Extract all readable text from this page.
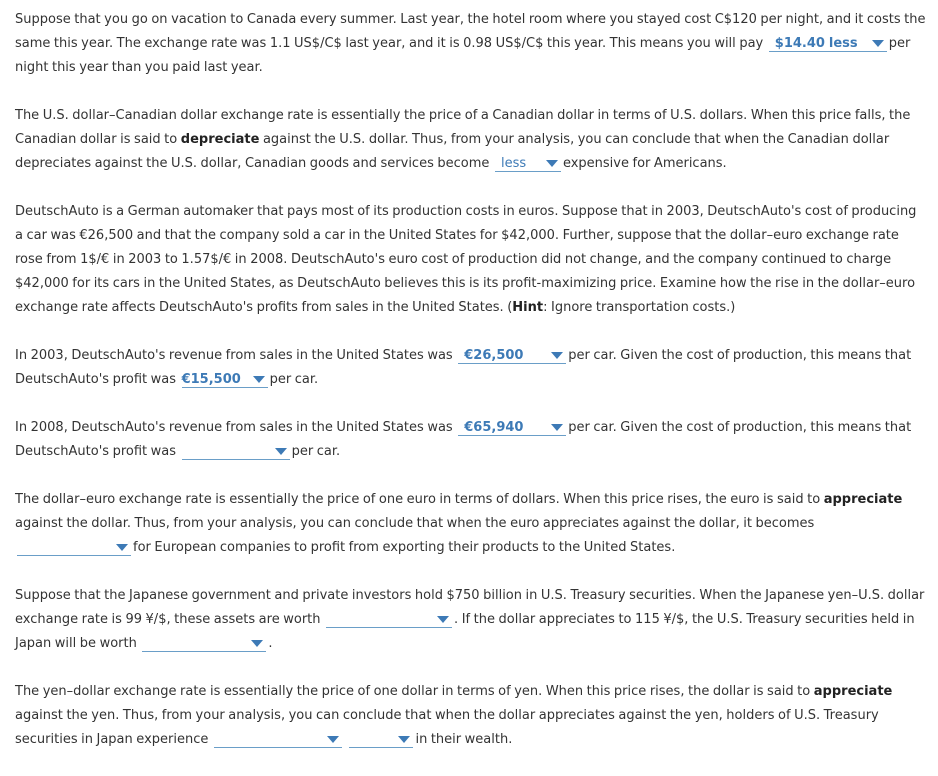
Suppose that you go on vacation to Canada every summer. Last year, the hotel room where you stayed cost C$120 per night, and it costs the same this year. The exchange rate was 1.1 US$/C$ last year, and it is 0.98 US$/C$ this year. This means you will pay $14.40 less per night this year than you paid last year.

The U.S. dollar–Canadian dollar exchange rate is essentially the price of a Canadian dollar in terms of U.S. dollars. When this price falls, the Canadian dollar is said to depreciate against the U.S. dollar. Thus, from your analysis, you can conclude that when the Canadian dollar depreciates against the U.S. dollar, Canadian goods and services become less	expensive for Americans.

DeutschAuto is a German automaker that pays most of its production costs in euros. Suppose that in 2003, DeutschAuto's cost of producing a car was €26,500 and that the company sold a car in the United States for $42,000. Further, suppose that the dollar–euro exchange rate rose from 1$/€ in 2003 to 1.57$/€ in 2008. DeutschAuto's euro cost of production did not change, and the company continued to charge $42,000 for its cars in the United States, as DeutschAuto believes this is its profit-maximizing price. Examine how the rise in the dollar–euro exchange rate affects DeutschAuto's profits from sales in the United States. (Hint: Ignore transportation costs.)

In 2003, DeutschAuto's revenue from sales in the United States was €26,500	per car. Given the cost of production, this means that DeutschAuto's profit was €15,500 per car.

In 2008, DeutschAuto's revenue from sales in the United States was €65,940	per car. Given the cost of production, this means that DeutschAuto's profit was	per car.

The dollar–euro exchange rate is essentially the price of one euro in terms of dollars. When this price rises, the euro is said to appreciate against the dollar. Thus, from your analysis, you can conclude that when the euro appreciates against the dollar, it becomes
for European companies to profit from exporting their products to the United States.

Suppose that the Japanese government and private investors hold $750 billion in U.S. Treasury securities. When the Japanese yen–U.S. dollar exchange rate is 99 ¥/$, these assets are worth	. If the dollar appreciates to 115 ¥/$, the U.S. Treasury securities held in Japan will be worth	.

The yen–dollar exchange rate is essentially the price of one dollar in terms of yen. When this price rises, the dollar is said to appreciate against the yen. Thus, from your analysis, you can conclude that when the dollar appreciates against the yen, holders of U.S. Treasury securities in Japan experience
	in their wealth.
